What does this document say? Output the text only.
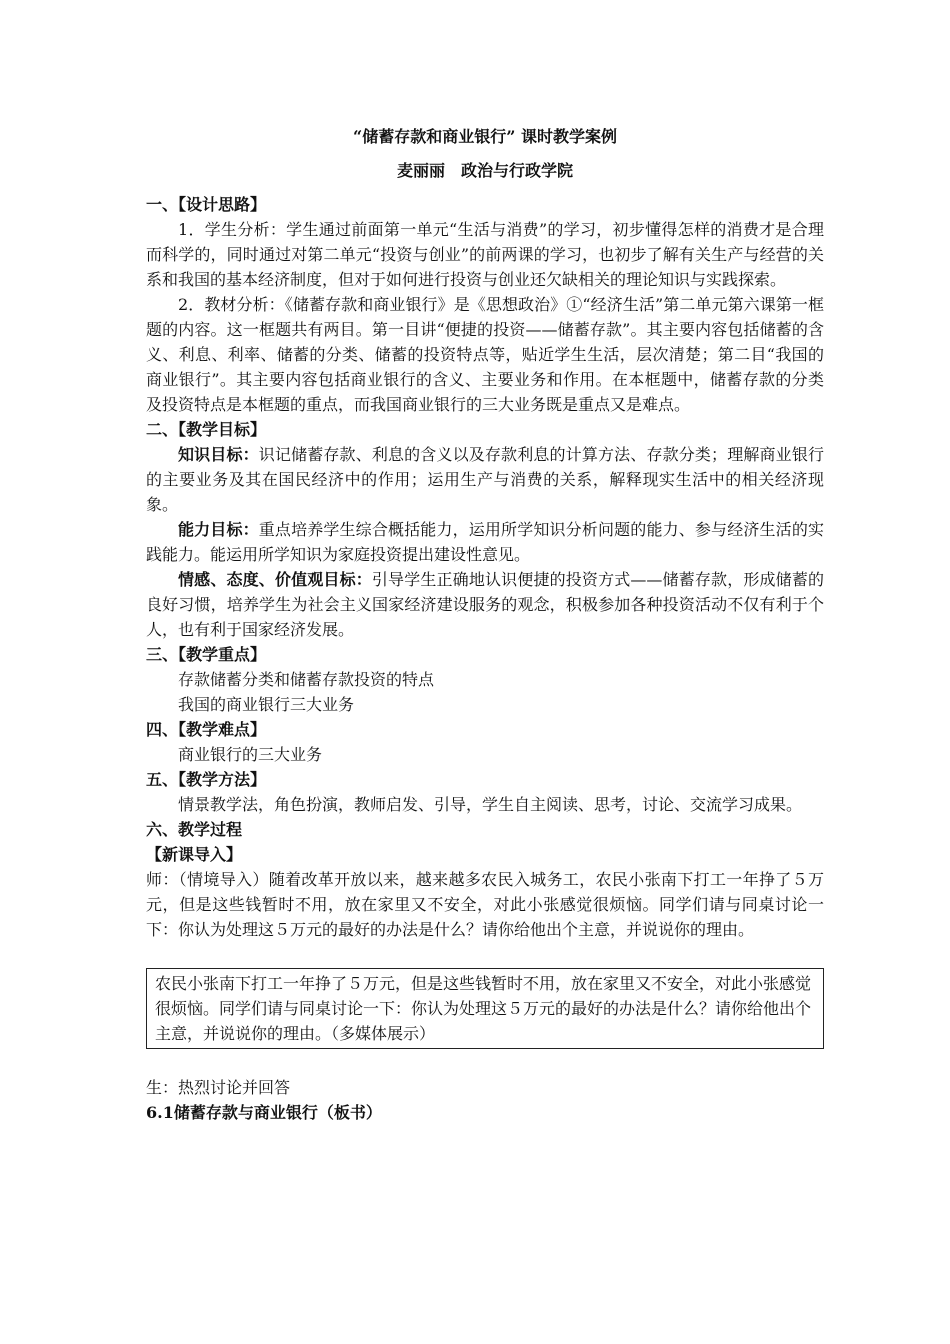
“储蓄存款和商业银行” 课时教学案例
麦丽丽　政治与行政学院
一、【设计思路】

1．学生分析：学生通过前面第一单元“生活与消费”的学习，初步懂得怎样的消费才是合理而科学的，同时通过对第二单元“投资与创业”的前两课的学习，也初步了解有关生产与经营的关系和我国的基本经济制度，但对于如何进行投资与创业还欠缺相关的理论知识与实践探索。

2．教材分析：《储蓄存款和商业银行》是《思想政治》①“经济生活”第二单元第六课第一框题的内容。这一框题共有两目。第一目讲“便捷的投资——储蓄存款”。其主要内容包括储蓄的含义、利息、利率、储蓄的分类、储蓄的投资特点等，贴近学生生活，层次清楚；第二目“我国的商业银行”。其主要内容包括商业银行的含义、主要业务和作用。在本框题中，储蓄存款的分类及投资特点是本框题的重点，而我国商业银行的三大业务既是重点又是难点。

二、【教学目标】

知识目标：识记储蓄存款、利息的含义以及存款利息的计算方法、存款分类；理解商业银行的主要业务及其在国民经济中的作用；运用生产与消费的关系，解释现实生活中的相关经济现象。

能力目标：重点培养学生综合概括能力，运用所学知识分析问题的能力、参与经济生活的实践能力。能运用所学知识为家庭投资提出建设性意见。

情感、态度、价值观目标：引导学生正确地认识便捷的投资方式——储蓄存款，形成储蓄的良好习惯，培养学生为社会主义国家经济建设服务的观念，积极参加各种投资活动不仅有利于个人，也有利于国家经济发展。

三、【教学重点】

存款储蓄分类和储蓄存款投资的特点

我国的商业银行三大业务

四、【教学难点】

商业银行的三大业务

五、【教学方法】

情景教学法，角色扮演，教师启发、引导，学生自主阅读、思考，讨论、交流学习成果。

六、教学过程
【新课导入】

师：（情境导入）随着改革开放以来，越来越多农民入城务工，农民小张南下打工一年挣了５万元，但是这些钱暂时不用，放在家里又不安全，对此小张感觉很烦恼。同学们请与同桌讨论一下：你认为处理这５万元的最好的办法是什么？请你给他出个主意，并说说你的理由。

农民小张南下打工一年挣了５万元，但是这些钱暂时不用，放在家里又不安全，对此小张感觉很烦恼。同学们请与同桌讨论一下：你认为处理这５万元的最好的办法是什么？请你给他出个主意，并说说你的理由。（多媒体展示）

生：热烈讨论并回答

6.1储蓄存款与商业银行（板书）
